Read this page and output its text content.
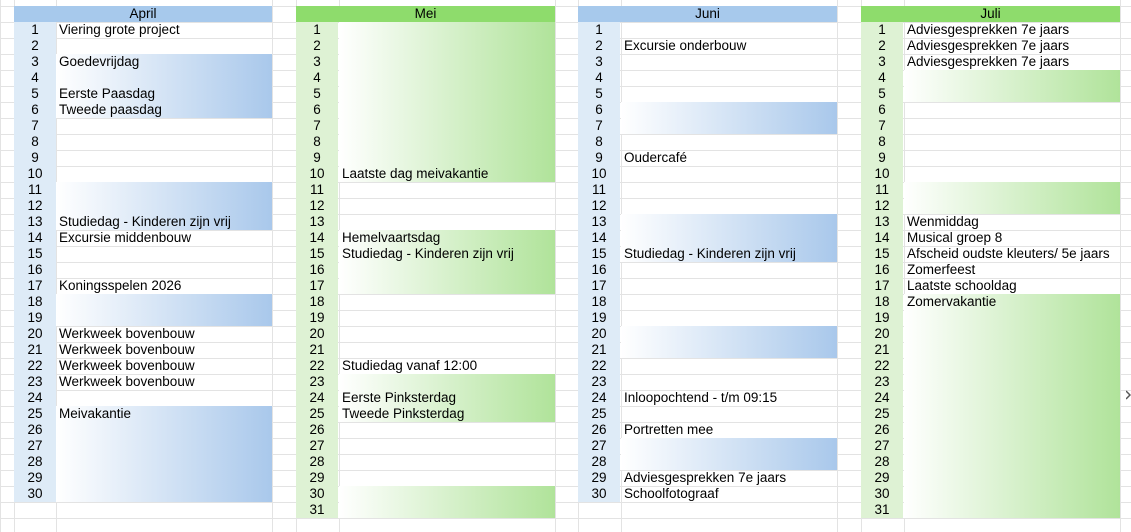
April
1	Viering grote project
2
3	Goedevrijdag
4
5	Eerste Paasdag
6	Tweede paasdag
7
8
9
10
11
12
13	Studiedag - Kinderen zijn vrij
14	Excursie middenbouw
15
16
17	Koningsspelen 2026
18
19
20	Werkweek bovenbouw
21	Werkweek bovenbouw
22	Werkweek bovenbouw
23	Werkweek bovenbouw
24
25	Meivakantie
26
27
28
29
30
Mei
1
2
3
4
5
6
7
8
9
10	Laatste dag meivakantie
11
12
13
14	Hemelvaartsdag
15	Studiedag - Kinderen zijn vrij
16
17
18
19
20
21
22	Studiedag vanaf 12:00
23
24	Eerste Pinksterdag
25	Tweede Pinksterdag
26
27
28
29
30
31
Juni
1
2	Excursie onderbouw
3
4
5
6
7
8
9	Oudercafé
10
11
12
13
14
15	Studiedag - Kinderen zijn vrij
16
17
18
19
20
21
22
23
24	Inloopochtend - t/m 09:15
25
26	Portretten mee
27
28
29	Adviesgesprekken 7e jaars
30	Schoolfotograaf
Juli
1	Adviesgesprekken 7e jaars
2	Adviesgesprekken 7e jaars
3	Adviesgesprekken 7e jaars
4
5
6
7
8
9
10
11
12
13	Wenmiddag
14	Musical groep 8
15	Afscheid oudste kleuters/ 5e jaars
16	Zomerfeest
17	Laatste schooldag
18	Zomervakantie
19
20
21
22
23
24
25
26
27
28
29
30
31
